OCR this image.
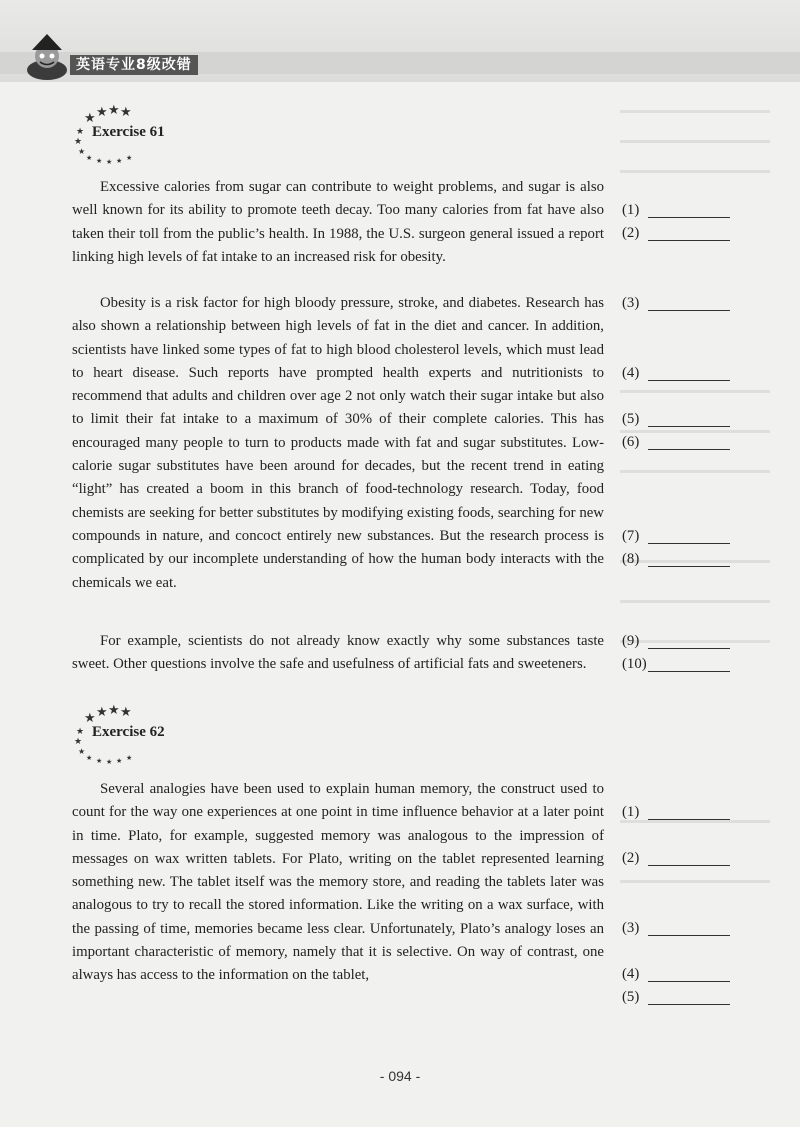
英语专业8级改错
★ ★ ★ ★
★
★
★
★ ★ ★ ★ ★
Exercise 61

Excessive calories from sugar can contribute to weight problems, and sugar is also well known for its ability to promote teeth decay. Too many calories from fat have also taken their toll from the public’s health. In 1988, the U.S. surgeon general issued a report linking high levels of fat intake to an increased risk for obesity.

Obesity is a risk factor for high bloody pressure, stroke, and diabetes. Research has also shown a relationship between high levels of fat in the diet and cancer. In addition, scientists have linked some types of fat to high blood cholesterol levels, which must lead to heart disease. Such reports have prompted health experts and nutritionists to recommend that adults and children over age 2 not only watch their sugar intake but also to limit their fat intake to a maximum of 30% of their complete calories. This has encouraged many people to turn to products made with fat and sugar substitutes. Low-calorie sugar substitutes have been around for decades, but the recent trend in eating “light” has created a boom in this branch of food-technology research. Today, food chemists are seeking for better substitutes by modifying existing foods, searching for new compounds in nature, and concoct entirely new substances. But the research process is complicated by our incomplete understanding of how the human body interacts with the chemicals we eat.

For example, scientists do not already know exactly why some substances taste sweet. Other questions involve the safe and usefulness of artificial fats and sweeteners.

(1)
(2)
(3)
(4)
(5)
(6)
(7)
(8)
(9)
(10)
★ ★ ★ ★
★
★
★
★ ★ ★ ★ ★
Exercise 62

Several analogies have been used to explain human memory, the construct used to count for the way one experiences at one point in time influence behavior at a later point in time. Plato, for example, suggested memory was analogous to the impression of messages on wax written tablets. For Plato, writing on the tablet represented learning something new. The tablet itself was the memory store, and reading the tablets later was analogous to try to recall the stored information. Like the writing on a wax surface, with the passing of time, memories became less clear. Unfortunately, Plato’s analogy loses an important characteristic of memory, namely that it is selective. On way of contrast, one always has access to the information on the tablet,

(1)
(2)
(3)
(4)
(5)
- 094 -
